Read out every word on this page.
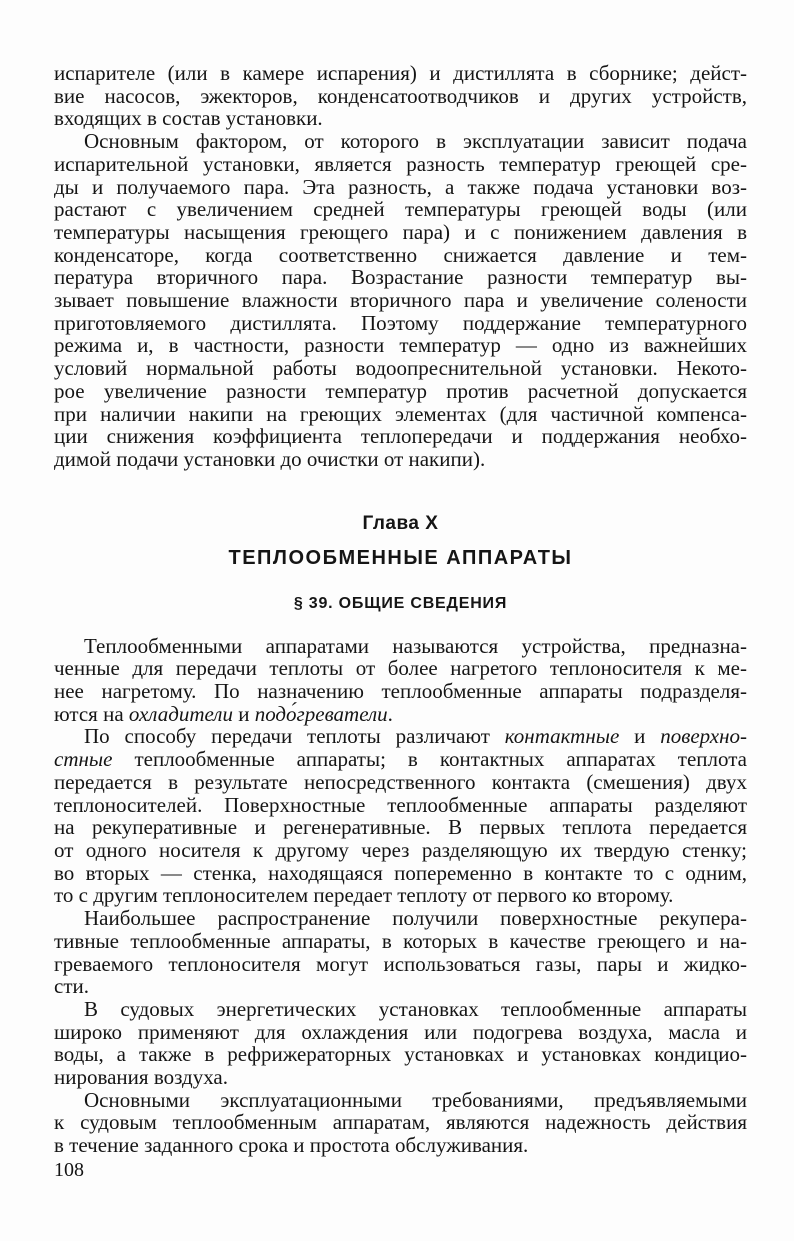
испарителе (или в камере испарения) и дистиллята в сборнике; дейст-
вие насосов, эжекторов, конденсатоотводчиков и других устройств,
входящих в состав установки.
Основным фактором, от которого в эксплуатации зависит подача
испарительной установки, является разность температур греющей сре-
ды и получаемого пара. Эта разность, а также подача установки воз-
растают с увеличением средней температуры греющей воды (или
температуры насыщения греющего пара) и с понижением давления в
конденсаторе, когда соответственно снижается давление и тем-
пература вторичного пара. Возрастание разности температур вы-
зывает повышение влажности вторичного пара и увеличение солености
приготовляемого дистиллята. Поэтому поддержание температурного
режима и, в частности, разности температур — одно из важнейших
условий нормальной работы водоопреснительной установки. Некото-
рое увеличение разности температур против расчетной допускается
при наличии накипи на греющих элементах (для частичной компенса-
ции снижения коэффициента теплопередачи и поддержания необхо-
димой подачи установки до очистки от накипи).
Глава X
ТЕПЛООБМЕННЫЕ АППАРАТЫ
§ 39. ОБЩИЕ СВЕДЕНИЯ
Теплообменными аппаратами называются устройства, предназна-
ченные для передачи теплоты от более нагретого теплоносителя к ме-
нее нагретому. По назначению теплообменные аппараты подразделя-
ются на охладители и подо́греватели.
По способу передачи теплоты различают контактные и поверхно-
стные теплообменные аппараты; в контактных аппаратах теплота
передается в результате непосредственного контакта (смешения) двух
теплоносителей. Поверхностные теплообменные аппараты разделяют
на рекуперативные и регенеративные. В первых теплота передается
от одного носителя к другому через разделяющую их твердую стенку;
во вторых — стенка, находящаяся попеременно в контакте то с одним,
то с другим теплоносителем передает теплоту от первого ко второму.
Наибольшее распространение получили поверхностные рекупера-
тивные теплообменные аппараты, в которых в качестве греющего и на-
греваемого теплоносителя могут использоваться газы, пары и жидко-
сти.
В судовых энергетических установках теплообменные аппараты
широко применяют для охлаждения или подогрева воздуха, масла и
воды, а также в рефрижераторных установках и установках кондицио-
нирования воздуха.
Основными эксплуатационными требованиями, предъявляемыми
к судовым теплообменным аппаратам, являются надежность действия
в течение заданного срока и простота обслуживания.
108
